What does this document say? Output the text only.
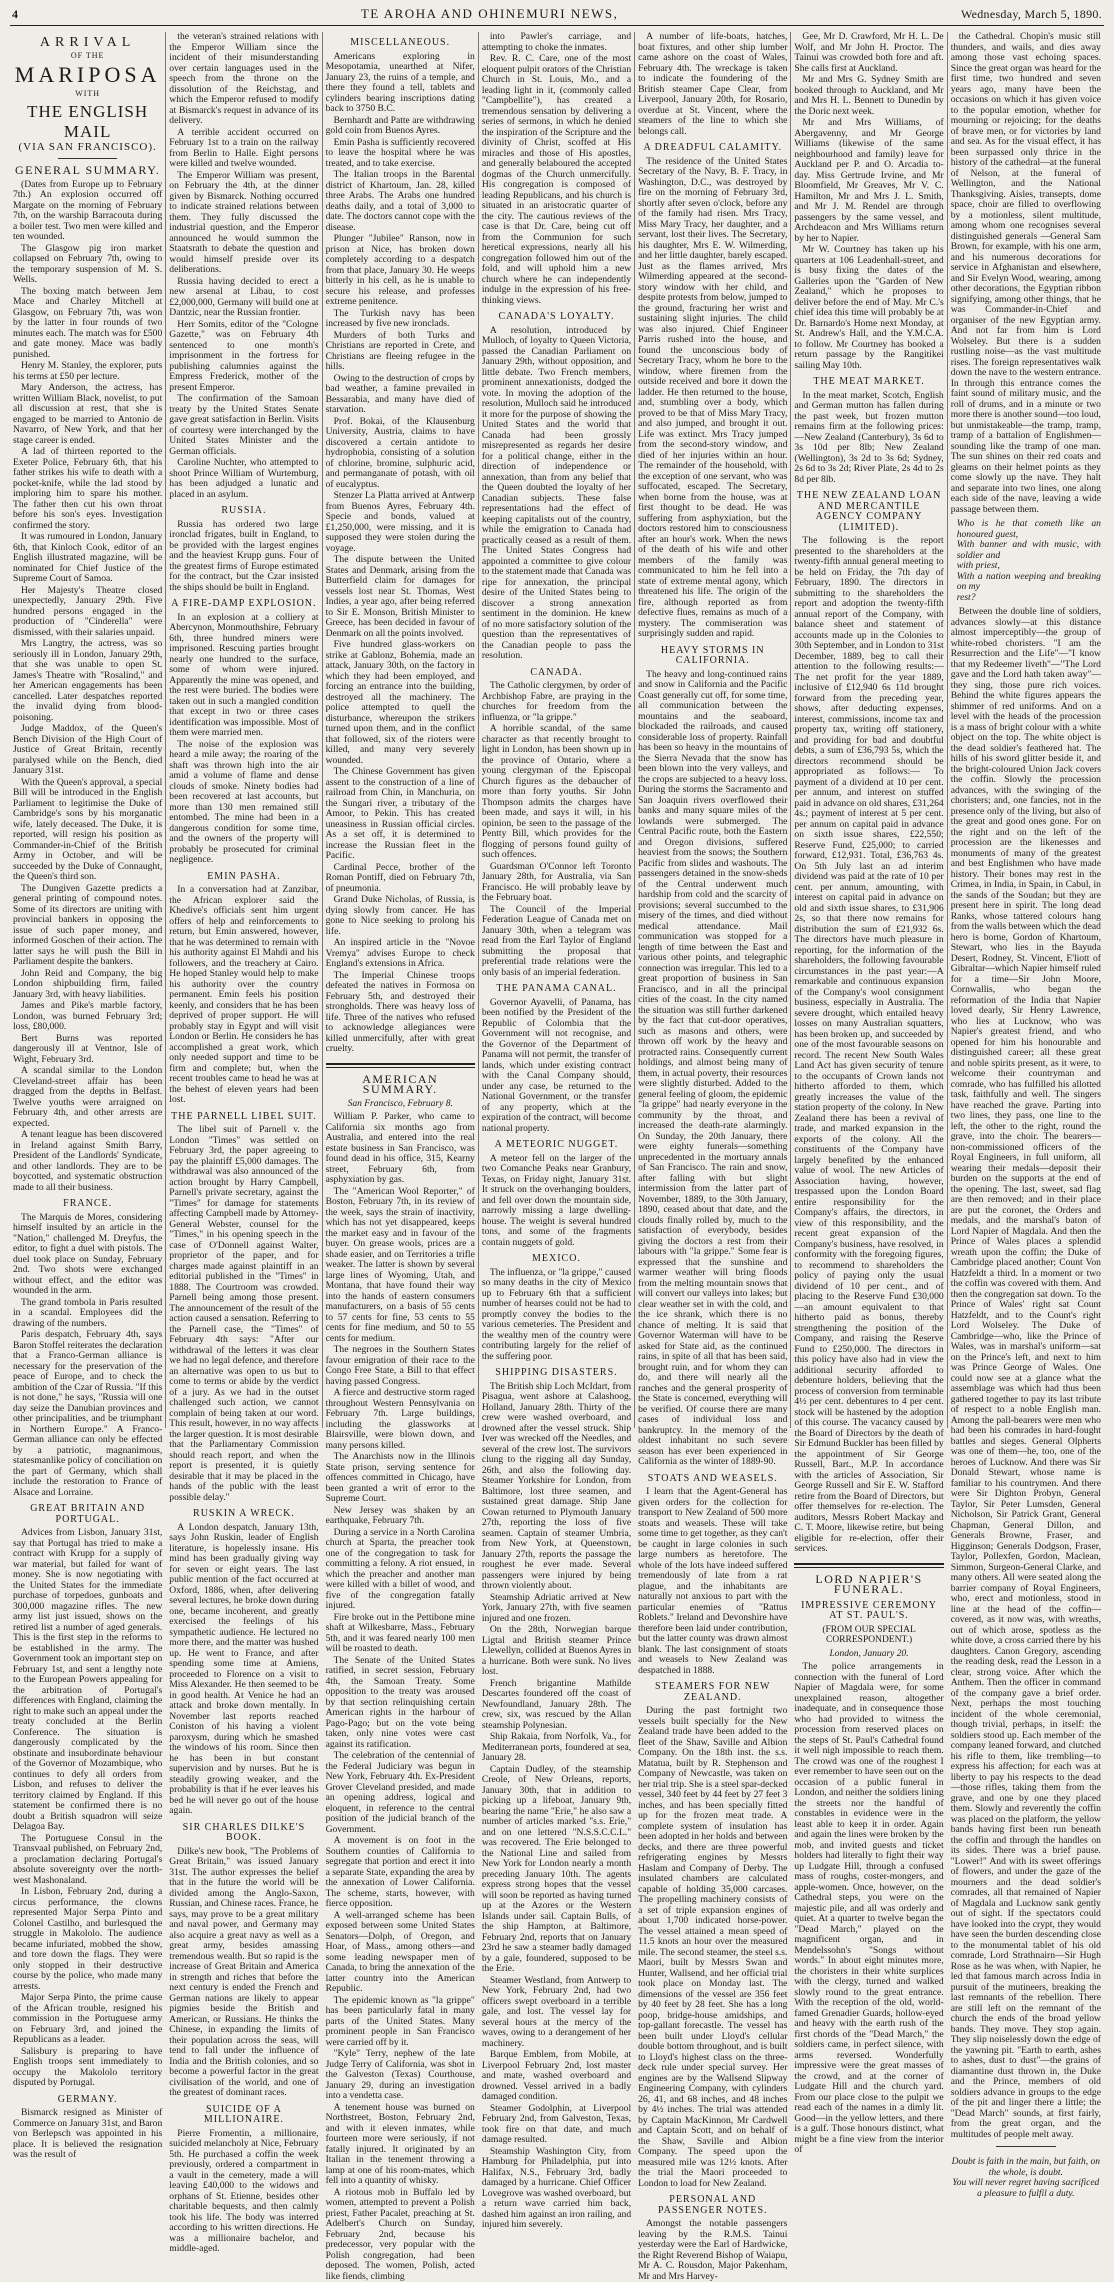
4	TE AROHA AND OHINEMURI NEWS,	Wednesday, March 5, 1890.
ARRIVAL
OF THE
MARIPOSA
WITH
THE ENGLISH MAIL
(VIA SAN FRANCISCO).
GENERAL SUMMARY.

(Dates from Europe up to February 7th.) An explosion occurred off Margate on the morning of February 7th, on the warship Barracouta during a boiler test. Two men were killed and ten wounded.

The Glasgow pig iron market collapsed on February 7th, owing to the temporary suspension of M. S. Wells.

The boxing match between Jem Mace and Charley Mitchell at Glasgow, on February 7th, was won by the latter in four rounds of two minutes each. The match was for £500 and gate money. Mace was badly punished.

Henry M. Stanley, the explorer, puts his terms at £50 per lecture.

Mary Anderson, the actress, has written William Black, novelist, to put all discussion at rest, that she is engaged to be married to Antonio de Navarro, of New York, and that her stage career is ended.

A lad of thirteen reported to the Exeter Police, February 6th, that his father strikes his wife to death with a pocket-knife, while the lad stood by imploring him to spare his mother. The father then cut his own throat before his son's eyes. Investigation confirmed the story.

It was rumoured in London, January 6th, that Kinloch Cook, editor of an English illustrated magazine, will be nominated for Chief Justice of the Supreme Court of Samoa.

Her Majesty's Theatre closed unexpectedly, January 29th. Five hundred persons engaged in the production of "Cinderella" were dismissed, with their salaries unpaid.

Mrs Langtry, the actress, was so seriously ill in London, January 29th, that she was unable to open St. James's Theatre with "Rosalind," and her American engagements has been cancelled. Later despatches reported the invalid dying from blood-poisoning.

Judge Maddox, of the Queen's Bench Division of the High Court of Justice of Great Britain, recently paralysed while on the Bench, died January 31st.

With the Queen's approval, a special Bill will be introduced in the English Parliament to legitimise the Duke of Cambridge's sons by his morganatic wife, lately deceased. The Duke, it is reported, will resign his position as Commander-in-Chief of the British Army in October, and will be succeeded by the Duke of Connaught, the Queen's third son.

The Dungiven Gazette predicts a general printing of compound notes. Some of its directors are uniting with provincial bankers in opposing the issue of such paper money, and informed Goschen of their action. The latter says he will push the Bill in Parliament despite the bankers.

John Reid and Company, the big London shipbuilding firm, failed January 3rd, with heavy liabilities.

James and Pike's marble factory, London, was burned February 3rd; loss, £80,000.

Bert Burns was reported dangerously ill at Ventnor, Isle of Wight, February 3rd.

A scandal similar to the London Cleveland-street affair has been dragged from the depths in Belfast. Twelve youths were arraigned on February 4th, and other arrests are expected.

A tenant league has been discovered in Ireland against Smith Barry, President of the Landlords' Syndicate, and other landlords. They are to be boycotted, and systematic obstruction made to all their business.

FRANCE.

The Marquis de Mores, considering himself insulted by an article in the "Nation," challenged M. Dreyfus, the editor, to fight a duel with pistols. The duel took place on Sunday, February 2nd. Two shots were exchanged without effect, and the editor was wounded in the arm.

The grand tombola in Paris resulted in a scandal. Employees did the drawing of the numbers.

Paris despatch, February 4th, says Baron Stoffel reiterates the declaration that a Franco-German alliance is necessary for the preservation of the peace of Europe, and to check the ambition of the Czar of Russia. "If this is not done," he says, "Russia will one day seize the Danubian provinces and other principalities, and be triumphant in Northern Europe." A Franco-German alliance can only be effected by a patriotic, magnanimous, statesmanlike policy of conciliation on the part of Germany, which shall include the restoration to France of Alsace and Lorraine.

GREAT BRITAIN AND PORTUGAL.

Advices from Lisbon, January 31st, say that Portugal has tried to make a contract with Krupp for a supply of war material, but failed for want of money. She is now negotiating with the United States for the immediate purchase of torpedoes, gunboats and 300,000 magazine rifles. The new army list just issued, shows on the retired list a number of aged generals. This is the first step in the reforms to be established in the army. The Government took an important step on February 1st, and sent a lengthy note to the European Powers appealing for the arbitration of Portugal's differences with England, claiming the right to make such an appeal under the treaty concluded at the Berlin Conference. The situation is dangerously complicated by the obstinate and insubordinate behaviour of the Governor of Mozambique, who continues to defy all orders from Lisbon, and refuses to deliver the territory claimed by England. If this statement be confirmed there is no doubt a British squadron will seize Delagoa Bay.

The Portuguese Consul in the Transvaal published, on February 2nd, a proclamation declaring Portugal's absolute sovereignty over the north-west Mashonaland.

In Lisbon, February 2nd, during a circus performance, the clowns represented Major Serpa Pinto and Colonel Castilho, and burlesqued the struggle in Makololo. The audience became infuriated, mobbed the show, and tore down the flags. They were only stopped in their destructive course by the police, who made many arrests.

Major Serpa Pinto, the prime cause of the African trouble, resigned his commission in the Portuguese army on February 3rd, and joined the Republicans as a leader.

Salisbury is preparing to have English troops sent immediately to occupy the Makololo territory disputed by Portugal.

GERMANY.

Bismarck resigned as Minister of Commerce on January 31st, and Baron von Berlepsch was appointed in his place. It is believed the resignation was the result of

the veteran's strained relations with the Emperor William since the incident of their misunderstanding over certain languages used in the speech from the throne on the dissolution of the Reichstag, and which the Emperor refused to modify at Bismarck's request in advance of its delivery.

A terrible accident occurred on February 1st to a train on the railway from Berlin to Halle. Eight persons were killed and twelve wounded.

The Emperor William was present, on February the 4th, at the dinner given by Bismarck. Nothing occurred to indicate strained relations between them. They fully discussed the industrial question, and the Emperor announced he would summon the Staatsrath to debate the question and would himself preside over its deliberations.

Russia having decided to erect a new arsenal at Libau, to cost £2,000,000, Germany will build one at Dantzic, near the Russian frontier.

Herr Somits, editor of the "Cologne Gazette," was on February 4th sentenced to one month's imprisonment in the fortress for publishing calumnies against the Empress Frederick, mother of the present Emperor.

The confirmation of the Samoan treaty by the United States Senate gave great satisfaction in Berlin. Visits of courtesy were interchanged by the United States Minister and the German officials.

Caroline Nuchter, who attempted to shoot Prince William of Wurtemburg, has been adjudged a lunatic and placed in an asylum.

RUSSIA.

Russia has ordered two large ironclad frigates, built in England, to be provided with the largest engines and the heaviest Krupp guns. Four of the greatest firms of Europe estimated for the contract, but the Czar insisted the ships should be built in England.

A FIRE-DAMP EXPLOSION.

In an explosion at a colliery at Abercynon, Monmouthshire, February 6th, three hundred miners were imprisoned. Rescuing parties brought nearly one hundred to the surface, some of whom were injured. Apparently the mine was opened, and the rest were buried. The bodies were taken out in such a mangled condition that except in two or three cases identification was impossible. Most of them were married men.

The noise of the explosion was heard a mile away; the roaring of the shaft was thrown high into the air amid a volume of flame and dense clouds of smoke. Ninety bodies had been recovered at last accounts, but more than 130 men remained still entombed. The mine had been in a dangerous condition for some time, and the owners of the property will probably be prosecuted for criminal negligence.

EMIN PASHA.

In a conversation had at Zanzibar, the African explorer said the Khedive's officials sent him urgent offers of help and reinforcements to return, but Emin answered, however, that he was determined to remain with his authority against El Mahdi and his followers, and the treachery at Cairo. He hoped Stanley would help to make his authority over the country permanent. Emin feels his position keenly, and considers that he has been deprived of proper support. He will probably stay in Egypt and will visit London or Berlin. He considers he has accomplished a great work, which only needed support and time to be firm and complete; but, when the recent troubles came to head he was at the behest of eleven years had been lost.

THE PARNELL LIBEL SUIT.

The libel suit of Parnell v. the London "Times" was settled on February 3rd, the paper agreeing to pay the plaintiff £5,000 damages. The withdrawal was also announced of the action brought by Harry Campbell, Parnell's private secretary, against the "Times" for damage for statements affecting Campbell made by Attorney-General Webster, counsel for the "Times," in his opening speech in the case of O'Donnell against Walter, proprietor of the paper, and for charges made against plaintiff in an editorial published in the "Times" in 1888. The Courtroom was crowded. Parnell being among those present. The announcement of the result of the action caused a sensation. Referring to the Parnell case, the "Times" of February 4th says: "After our withdrawal of the letters it was clear we had no legal defence, and therefore an alternative was open to us but to come to terms or abide by the verdict of a jury. As we had in the outset challenged such action, we cannot complain of being taken at our word. This result, however, in no way affects the larger question. It is most desirable that the Parliamentary Commission should reach report, and when the report is presented, it is quietly desirable that it may be placed in the hands of the public with the least possible delay."

RUSKIN A WRECK.

A London despatch, January 13th, says John Ruskin, leader of English literature, is hopelessly insane. His mind has been gradually giving way for seven or eight years. The last public mention of the fact occurred at Oxford, 1886, when, after delivering several lectures, he broke down during one, became incoherent, and greatly exercised the feelings of his sympathetic audience. He lectured no more there, and the matter was hushed up. He went to France, and after spending some time at Amiens, proceeded to Florence on a visit to Miss Alexander. He then seemed to be in good health. At Venice he had an attack and broke down mentally. In November last reports reached Coniston of his having a violent paroxysm, during which he smashed the windows of his room. Since then he has been in but constant supervision and by nurses. But he is steadily growing weaker, and the probability is that if he ever leaves his bed he will never go out of the house again.

SIR CHARLES DILKE'S BOOK.

Dilke's new book, "The Problems of Great Britain," was issued January 31st. The author expresses the belief that in the future the world will be divided among the Anglo-Saxon, Russian, and Chinese races. France, he says, may prove to be a great military and naval power, and Germany may also acquire a great navy as well as a great army, besides amassing tremendous wealth. But so rapid is the increase of Great Britain and America in strength and riches that before the next century is ended the French and German nations are likely to appear pigmies beside the British and American, or Russians. He thinks the Chinese, in expanding the limits of their population across the seas, will tend to fall under the influence of India and the British colonies, and so become a powerful factor in the great civilisation of the world, and one of the greatest of dominant races.

SUICIDE OF A MILLIONAIRE.

Pierre Fromentin, a millionaire, suicided melancholy at Nice, February 5th. He purchased a coffin the week previously, ordered a compartment in a vault in the cemetery, made a will leaving £40,000 to the widows and orphans of St. Etienne, besides other charitable bequests, and then calmly took his life. The body was interred according to his written directions. He was a millionaire bachelor, and middle-aged.

MISCELLANEOUS.

Americans exploring in Mesopotamia, unearthed at Nifer, January 23, the ruins of a temple, and there they found a tell, tablets and cylinders bearing inscriptions dating back to 3750 B.C.

Bernhardt and Patte are withdrawing gold coin from Buenos Ayres.

Emin Pasha is sufficiently recovered to leave the hospital where he was treated, and to take exercise.

The Italian troops in the Barental district of Khartoum, Jan. 28, killed three Arabs. The Arabs one hundred deaths daily, and a total of 3,000 to date. The doctors cannot cope with the disease.

Plunger "Jubilee" Ranson, now in prison at Nice, has broken down completely according to a despatch from that place, January 30. He weeps bitterly in his cell, as he is unable to secure his release, and professes extreme penitence.

The Turkish navy has been increased by five new ironclads.

Murders of both Turks and Christians are reported in Crete, and Christians are fleeing refugee in the hills.

Owing to the destruction of crops by bad weather, a famine prevailed in Bessarabia, and many have died of starvation.

Prof. Bokai, of the Klausenburg University, Austria, claims to have discovered a certain antidote to hydrophobia, consisting of a solution of chlorine, bromine, sulphuric acid, and permanganate of potash, with oil of eucalyptus.

Stenzer La Platta arrived at Antwerp from Buenos Ayres, February 4th. Specie and bonds, valued at £1,250,000, were missing, and it is supposed they were stolen during the voyage.

The dispute between the United States and Denmark, arising from the Butterfield claim for damages for vessels lost near St. Thomas, West Indies, a year ago, after being referred to Sir E. Monson, British Minister to Greece, has been decided in favour of Denmark on all the points involved.

Five hundred glass-workers on strike at Gablonz, Bohemia, made an attack, January 30th, on the factory in which they had been employed, and forcing an entrance into the building, destroyed all the machinery. The police attempted to quell the disturbance, whereupon the strikers turned upon them, and in the conflict that followed, six of the rioters were killed, and many very severely wounded.

The Chinese Government has given assent to the construction of a line of railroad from Chin, in Manchuria, on the Sungari river, a tributary of the Amoor, to Pekin. This has created uneasiness in Russian official circles. As a set off, it is determined to increase the Russian fleet in the Pacific.

Cardinal Pecce, brother of the Roman Pontiff, died on February 7th, of pneumonia.

Grand Duke Nicholas, of Russia, is dying slowly from cancer. He has gone to Nice seeking to prolong his life.

An inspired article in the "Novoe Vremya" advises Europe to check England's extensions in Africa.

The Imperial Chinese troops defeated the natives in Formosa on February 5th, and destroyed their strongholds. There was heavy loss of life. Three of the natives who refused to acknowledge allegiances were killed unmercifully, after with great cruelty.

AMERICAN SUMMARY.
San Francisco, February 8.

William P. Parker, who came to California six months ago from Australia, and entered into the real estate business in San Francisco, was found dead in his office, 315, Kearny street, February 6th, from asphyxiation by gas.

The "American Wool Reporter," of Boston, February 7th, in its review of the week, says the strain of inactivity, which has not yet disappeared, keeps the market easy and in favour of the buyer. On grease wools, prices are a shade easier, and on Territories a trifle weaker. The latter is shown by several large lines of Wyoming, Utah, and Montana, that have found their way into the hands of eastern consumers manufacturers, on a basis of 55 cents to 57 cents for fine, 53 cents to 55 cents for fine medium, and 50 to 55 cents for medium.

The negroes in the Southern States favour emigration of their race to the Congo Free State, a Bill to that effect having passed Congress.

A fierce and destructive storm raged throughout Western Pennsylvania on February 7th. Large buildings, including the glassworks at Blairsville, were blown down, and many persons killed.

The Anarchists now in the Illinois State prison, serving sentence for offences committed in Chicago, have been granted a writ of error to the Supreme Court.

New Jersey was shaken by an earthquake, February 7th.

During a service in a North Carolina church at Sparta, the preacher took one of the congregation to task for committing a felony. A riot ensued, in which the preacher and another man were killed with a billet of wood, and five of the congregation fatally injured.

Fire broke out in the Pettibone mine shaft at Wilkesbarre, Mass., February 5th, and it was feared nearly 100 men will be roasted to death.

The Senate of the United States ratified, in secret session, February 4th, the Samoan Treaty. Some opposition to the treaty was aroused by that section relinquishing certain American rights in the harbour of Pago-Pago; but on the vote being taken, only nine votes were cast against its ratification.

The celebration of the centennial of the Federal Judiciary was begun in New York, February 4th. Ex-President Grover Cleveland presided, and made an opening address, logical and eloquent, in reference to the central position of the judicial branch of the Government.

A movement is on foot in the Southern counties of California to segregate that portion and erect it into a separate State, expanding the area by the annexation of Lower California. The scheme, starts, however, with fierce opposition.

A well-arranged scheme has been exposed between some United States Senators—Dolph, of Oregon, and Hoar, of Mass., among others—and some leading newspaper men of Canada, to bring the annexation of the latter country into the American Republic.

The epidemic known as "la grippe" has been particularly fatal in many parts of the United States. Many prominent people in San Francisco were carried off by it.

"Kyle" Terry, nephew of the late Judge Terry of California, was shot in the Galveston (Texas) Courthouse, January 29, during an investigation into a vendetta case.

A tenement house was burned on Northstreet, Boston, February 2nd, and with it eleven inmates, while fourteen more were seriously, if not fatally injured. It originated by an Italian in the tenement throwing a lamp at one of his room-mates, which fell into a quantity of whisky.

A riotous mob in Buffalo led by women, attempted to prevent a Polish priest, Father Pacalet, preaching at St. Adelbert's Church on Sunday, February 2nd, because his predecessor, very popular with the Polish congregation, had been deposed. The women, Polish, acted like fiends, climbing

into Pawler's carriage, and attempting to choke the inmates.

Rev. R. C. Care, one of the most eloquent pulpit orators of the Christian Church in St. Louis, Mo., and a leading light in it, (commonly called "Campbellite"), has created a tremendous sensation by delivering a series of sermons, in which he denied the inspiration of the Scripture and the divinity of Christ, scoffed at His miracles and those of His apostles, and generally belaboured the accepted dogmas of the Church unmercifully. His congregation is composed of leading Republicans, and his church is situated in an aristocratic quarter of the city. The cautious reviews of the case is that Dr. Care, being cut off from the Communion for such heretical expressions, nearly all his congregation followed him out of the fold, and will uphold him a new church where he can independently indulge in the expression of his free-thinking views.

CANADA'S LOYALTY.

A resolution, introduced by Mulloch, of loyalty to Queen Victoria, passed the Canadian Parliament on January 29th, without opposition, and little debate. Two French members, prominent annexationists, dodged the vote. In moving the adoption of the resolution, Mulloch said he introduced it more for the purpose of showing the United States and the world that Canada had been grossly misrepresented as regards her desire for a political change, either in the direction of independence or annexation, than from any belief that the Queen doubted the loyalty of her Canadian subjects. These false representations had the effect of keeping capitalists out of the country, while the emigration to Canada had practically ceased as a result of them. The United States Congress had appointed a committee to give colour to the statement made that Canada was ripe for annexation, the principal desire of the United States being to discover a strong annexation sentiment in the dominion. He knew of no more satisfactory solution of the question than the representatives of the Canadian people to pass the resolution.

CANADA.

The Catholic clergymen, by order of Archbishop Fabre, are praying in the churches for freedom from the influenza, or "la grippe."

A horrible scandal, of the same character as that recently brought to light in London, has been shown up in the province of Ontario, where a young clergyman of the Episcopal Church figures as the debaucher of more than forty youths. Sir John Thompson admits the charges have been made, and says it will, in his opinion, be seen to the passage of the Pentty Bill, which provides for the flogging of persons found guilty of such offences.

Guardsman O'Connor left Toronto January 28th, for Australia, via San Francisco. He will probably leave by the February boat.

The Council of the Imperial Federation League of Canada met on January 30th, when a telegram was read from the Earl Taylor of England submitting the proposal that preferential trade relations were the only basis of an imperial federation.

THE PANAMA CANAL.

Governor Ayavelli, of Panama, has been notified by the President of the Republic of Colombia that the Government will not recognise, and the Governor of the Department of Panama will not permit, the transfer of lands, which under existing contract with the Canal Company should, under any case, be returned to the National Government, or the transfer of any property, which at the expiration of the contract, will become national property.

A METEORIC NUGGET.

A meteor fell on the larger of the two Comanche Peaks near Granbury, Texas, on Friday night, January 31st. It struck on the overhanging boulders, and fell over down the mountain side, narrowly missing a large dwelling-house. The weight is several hundred tons, and some of the fragments contain nuggets of gold.

MEXICO.

The influenza, or "la grippe," caused so many deaths in the city of Mexico up to February 6th that a sufficient number of hearses could not be had to promptly convey the bodies to the various cemeteries. The President and the wealthy men of the country were contributing largely for the relief of the suffering poor.

SHIPPING DISASTERS.

The British ship Loch McIdart, from Pisagua, went ashore at Calashoog, Holland, January 28th. Thirty of the crew were washed overboard, and drowned after the vessel struck. Ship Iver was wrecked off the Needles, and several of the crew lost. The survivors clung to the rigging all day Sunday, 26th, and also the following day. Steamer Yorkshire for London, from Baltimore, lost three seamen, and sustained great damage. Ship Jane Cowan returned to Plymouth January 27th, reporting the loss of five seamen. Captain of steamer Umbria, from New York, at Queenstown, January 27th, reports the passage the roughest he ever made. Several passengers were injured by being thrown violently about.

Steamship Adriatic arrived at New York, January 27th, with five seamen injured and one frozen.

On the 28th, Norwegian barque Ligtal and British steamer Prince Llewellyn, collided at Buenos Ayres in a hurricane. Both were sunk. No lives lost.

French brigantine Mathilde Descartes foundered off the coast of Newfoundland, January 28th. The crew, six, was rescued by the Allan steamship Polynesian.

Ship Rakaia, from Norfolk, Va., for Mediterranean ports, foundered at sea, January 28.

Captain Dudley, of the steamship Creole, of New Orleans, reports, January 30th, that in addition to picking up a lifeboat, January 9th, bearing the name "Erie," he also saw a number of articles marked "s.s. Erie," and on one lettered "N.S.S.C.C.L." was recovered. The Erie belonged to the National Line and sailed from New York for London nearly a month preceding January 10th. The agents express strong hopes that the vessel will soon be reported as having turned up at the Azores or the Western Islands under sail. Captain Bulls, of the ship Hampton, at Baltimore, February 2nd, reports that on January 23rd he saw a steamer badly damaged by a gale, foundered, supposed to be the Erie.

Steamer Westland, from Antwerp to New York, February 2nd, had two officers swept overboard in a terrible gale, and lost. The vessel lay for several hours at the mercy of the waves, owing to a derangement of her machinery.

Barque Emblem, from Mobile, at Liverpool February 2nd, lost master and mate, washed overboard and drowned. Vessel arrived in a badly damaged condition.

Steamer Godolphin, at Liverpool February 2nd, from Galveston, Texas, took fire on that date, and much damage resulted.

Steamship Washington City, from Hamburg for Philadelphia, put into Halifax, N.S., February 3rd, badly damaged by a hurricane. Chief Officer Lovegrove was washed overboard, but a return wave carried him back, dashed him against an iron railing, and injured him severely.

A number of life-boats, hatches, boat fixtures, and other ship lumber came ashore on the coast of Wales, February 4th. The wreckage is taken to indicate the foundering of the British steamer Cape Clear, from Liverpool, January 20th, for Rosario, overdue at St. Vincent, where the steamers of the line to which she belongs call.

A DREADFUL CALAMITY.

The residence of the United States Secretary of the Navy, B. F. Tracy, in Washington, D.C., was destroyed by fire on the morning of February 3rd, shortly after seven o'clock, before any of the family had risen. Mrs Tracy, Miss Mary Tracy, her daughter, and a servant, lost their lives. The Secretary, his daughter, Mrs E. W. Wilmerding, and her little daughter, barely escaped. Just as the flames arrived, Mrs Wilmerding appeared at the second-story window with her child, and despite protests from below, jumped to the ground, fracturing her wrist and sustaining slight injuries. The child was also injured. Chief Engineer Parris rushed into the house, and found the unconscious body of Secretary Tracy, whom he bore to the window, where firemen from the outside received and bore it down the ladder. He then returned to the house, and, stumbling over a body, which proved to be that of Miss Mary Tracy, and also jumped, and brought it out. Life was extinct. Mrs Tracy jumped from the second-story window, and died of her injuries within an hour. The remainder of the household, with the exception of one servant, who was suffocated, escaped. The Secretary, when borne from the house, was at first thought to be dead. He was suffering from asphyxiation, but the doctors restored him to consciousness after an hour's work. When the news of the death of his wife and other members of the family was communicated to him he fell into a state of extreme mental agony, which threatened his life. The origin of the fire, although reported as from defective flues, remains as much of a mystery. The commiseration was surprisingly sudden and rapid.

HEAVY STORMS IN CALIFORNIA.

The heavy and long-continued rains and snow in California and the Pacific Coast generally cut off, for some time, all communication between the mountains and the seaboard, blockaded the railroads, and caused considerable loss of property. Rainfall has been so heavy in the mountains of the Sierra Nevada that the snow has been blown into the very valleys, and the crops are subjected to a heavy loss. During the storms the Sacramento and San Joaquin rivers overflowed their banks and many square miles of the lowlands were submerged. The Central Pacific route, both the Eastern and Oregon divisions, suffered heaviest from the snows; the Southern Pacific from slides and washouts. The passengers detained in the snow-sheds of the Central underwent much hardship from cold and the scarcity of provisions; several succumbed to the misery of the times, and died without medical attendance. Mail communication was stopped for a length of time between the East and various other points, and telegraphic connection was irregular. This led to a great proportion of business in San Francisco, and in all the principal cities of the coast. In the city named the situation was still further darkened by the fact that cut-door operatives, such as masons and others, were thrown off work by the heavy and protracted rains. Consequently current holdings, and almost being many of them, in actual poverty, their resources were slightly disturbed. Added to the general feeling of gloom, the epidemic "la grippe" had nearly everyone in the community by the throat, and increased the death-rate alarmingly. On Sunday, the 20th January, there were eighty funerals—something unprecedented in the mortuary annals of San Francisco. The rain and snow, after falling with but slight intermission from the latter part of November, 1889, to the 30th January, 1890, ceased about that date, and the clouds finally rolled by, much to the satisfaction of everybody, besides giving the doctors a rest from their labours with "la grippe." Some fear is expressed that the sunshine and warmer weather will bring floods from the melting mountain snows that will convert our valleys into lakes; but clear weather set in with the cold, and the ice shrank, which there is no chance of melting. It is said that Governor Waterman will have to be asked for State aid, as the continued rains, in spite of all that has been said, brought ruin, and for whom they can do, and there will nearly all the ranches and the general prosperity of the State is concerned, everything will be verified. Of course there are many cases of individual loss and bankruptcy. In the memory of the oldest inhabitant no such severe season has ever been experienced in California as the winter of 1889-90.

STOATS AND WEASELS.

I learn that the Agent-General has given orders for the collection for transport to New Zealand of 500 more stoats and weasels. These will take some time to get together, as they can't be caught in large colonies in such large numbers as heretofore. The whole of the lots have indeed suffered tremendously of late from a rat plague, and the inhabitants are naturally not anxious to part with the particular enemies of "Rattus Roblets." Ireland and Devonshire have therefore been laid under contribution, but the latter county was drawn almost blank. The last consignment of stoats and weasels to New Zealand was despatched in 1888.

STEAMERS FOR NEW ZEALAND.

During the past fortnight two vessels built specially for the New Zealand trade have been added to the fleet of the Shaw, Saville and Albion Company. On the 18th inst. the s.s. Matatua, built by R. Stephenson and Company of Newcastle, was taken on her trial trip. She is a steel spar-decked vessel, 340 feet by 44 feet by 27 feet 3 inches, and has been specially fitted up for the frozen meat trade. A complete system of insulation has been adopted in her holds and between decks, and there are three powerful refrigerating engines by Messrs Haslam and Company of Derby. The insulated chambers are calculated capable of holding 35,000 carcases. The propelling machinery consists of a set of triple expansion engines of about 1,700 indicated horse-power. The vessel attained a mean speed of 11.5 knots an hour over the measured mile. The second steamer, the steel s.s. Maori, built by Messrs Swan and Hunter, Wallsend, and her official trial took place on Monday last. The dimensions of the vessel are 356 feet by 40 feet by 28 feet. She has a long poop, bridge-house amidships, and top-gallant forecastle. The vessel has been built under Lloyd's cellular double bottom throughout, and is built to Lloyd's highest class on the three-deck rule under special survey. Her engines are by the Wallsend Slipway Engineering Company, with cylinders 26, 41, and 68 inches, and 48 inches by 4½ inches. The trial was attended by Captain MacKinnon, Mr Cardwell and Captain Scott, and on behalf of the Shaw, Saville and Albion Company. The speed upon the measured mile was 12½ knots. After the trial the Maori proceeded to London to load for New Zealand.

PERSONAL AND PASSENGER NOTES.

Amongst the notable passengers leaving by the R.M.S. Tainui yesterday were the Earl of Hardwicke, the Right Reverend Bishop of Waiapu, Mr A. C. Rousdon, Major Pakenham, Mr and Mrs Harvey-

Gee, Mr D. Crawford, Mr H. L. De Wolf, and Mr John H. Proctor. The Tainui was crowded both fore and aft. She calls first at Auckland.

Mr and Mrs G. Sydney Smith are booked through to Auckland, and Mr and Mrs H. L. Bennett to Dunedin by the Doric next week.

Mr and Mrs Williams, of Abergavenny, and Mr George Williams (likewise of the same neighbourhood and family) leave for Auckland per P. and O. Arcadia to-day. Miss Gertrude Irvine, and Mr Bloomfield, Mr Greaves, Mr V. C. Hamilton, Mr and Mrs J. L. Smith, and Mr J. M. Rendel are through passengers by the same vessel, and Archdeacon and Mrs Williams return by her to Napier.

Mr W. Courtney has taken up his quarters at 106 Leadenhall-street, and is busy fixing the dates of the Galleries upon the "Garden of New Zealand," which he proposes to deliver before the end of May. Mr C.'s chief idea this time will probably be at Dr. Barnardo's Home next Monday, at St. Andrew's Hall, and the Y.M.C.A. to follow. Mr Courtney has booked a return passage by the Rangitikei sailing May 10th.

THE MEAT MARKET.

In the meat market, Scotch, English and German mutton has fallen during the past week, but frozen mutton remains firm at the following prices:—New Zealand (Canterbury), 3s 6d to 3s 10d per 8lb; New Zealand (Wellington), 3s 2d to 3s 6d; Sydney, 2s 6d to 3s 2d; River Plate, 2s 4d to 2s 8d per 8lb.

THE NEW ZEALAND LOAN AND MERCANTILE AGENCY COMPANY (LIMITED).

The following is the report presented to the shareholders at the twenty-fifth annual general meeting to be held on Friday, the 7th day of February, 1890. The directors in submitting to the shareholders the report and adoption the twenty-fifth annual report of the Company, with balance sheet and statement of accounts made up in the Colonies to 30th September, and in London to 31st December, 1889, beg to call their attention to the following results:— The net profit for the year 1889, inclusive of £12,940 6s 11d brought forward from the preceding year, shows, after deducting expenses, interest, commissions, income tax and property tax, writing off stationery, and providing for bad and doubtful debts, a sum of £36,793 5s, which the directors recommend should be appropriated as follows:— To payment of a dividend at 10 per cent. per annum, and interest on stuffed paid in advance on old shares, £31,264 4s.; payment of interest at 5 per cent. per annum on capital paid in advance on sixth issue shares, £22,550; Reserve Fund, £25,000; to carried forward, £12,931. Total, £36,763 4s. On 5th July last an ad interim dividend was paid at the rate of 10 per cent. per annum, amounting, with interest on capital paid in advance on old and sixth issue shares, to £31,906 2s, so that there now remains for distribution the sum of £21,932 6s. The directors have much pleasure in reporting, for the information of the shareholders, the following favourable circumstances in the past year:—A remarkable and continuous expansion of the Company's wool consignment business, especially in Australia. The severe drought, which entailed heavy losses on many Australian squatters, has been broken up, and succeeded by one of the most favourable seasons on record. The recent New South Wales Land Act has given security of tenure to the occupants of Crown lands not hitherto afforded to them, which greatly increases the value of the station property of the colony. In New Zealand there has been a revival of trade, and marked expansion in the exports of the colony. All the constituents of the Company have largely benefited by the enhanced value of wool. The new Articles of Association having, however, trespassed upon the London Board entire responsibility for the Company's affairs, the directors, in view of this responsibility, and the recent great expansion of the Company's business, have resolved, in conformity with the foregoing figures, to recommend to shareholders the policy of paying only the usual dividend of 10 per cent., and of placing to the Reserve Fund £30,000—an amount equivalent to that hitherto paid as bonus, thereby strengthening the position of the Company, and raising the Reserve Fund to £250,000. The directors in this policy have also had in view the additional security afforded to debenture holders, believing that the process of conversion from terminable 4½ per cent. debentures to 4 per cent. stock will be hastened by the adoption of this course. The vacancy caused by the Board of Directors by the death of Sir Edmund Buckler has been filled by the appointment of Sir George Russell, Bart., M.P. In accordance with the articles of Association, Sir George Russell and Sir E. W. Stafford retire from the Board of Directors, but offer themselves for re-election. The auditors, Messrs Robert Mackay and C. T. Moore, likewise retire, but being eligible for re-election, offer their services.

LORD NAPIER'S FUNERAL.
IMPRESSIVE CEREMONY AT ST. PAUL'S.
(FROM OUR SPECIAL CORRESPONDENT.)
London, January 20.

The police arrangements in connection with the funeral of Lord Napier of Magdala were, for some unexplained reason, altogether inadequate, and in consequence those who had provided to witness the procession from reserved places on the steps of St. Paul's Cathedral found it well nigh impossible to reach them. The crowd was one of the roughest I ever remember to have seen out on the occasion of a public funeral in London, and neither the soldiers lining the streets nor the handful of constables in evidence were in the least able to keep it in order. Again and again the lines were broken by the mob, and invited guests and ticket holders had literally to fight their way up Ludgate Hill, through a confused mass of roughs, coster-mongers, and apple-women. Once, however, on the Cathedral steps, you were on the majestic pile, and all was orderly and quiet. At a quarter to twelve began the "Dead March," played on the magnificent organ, and in Mendelssohn's "Songs without words." In about eight minutes more, the choristers in their white surplices with the clergy, turned and walked slowly round to the great entrance. With the reception of the old, world-famed Grenadier Guards, hollow-eyed and heavy with the earth rush of the first chords of the "Dead March," the soldiers came, in perfect silence, with arms reversed. Wonderfully impressive were the great masses of the crowd, and at the corner of Ludgate Hill and the church yard. From our place close to the pulpit we read each of the names in a dimly lit. Good—in the yellow letters, and there is a gulf. Those honours distinct, what might be a fine view from the interior of

the Cathedral. Chopin's music still thunders, and wails, and dies away among those vast echoing spaces. Since the great organ was heard for the first time, two hundred and seven years ago, many have been the occasions on which it has given voice to the popular emotion, whether for mourning or rejoicing; for the deaths of brave men, or for victories by land and sea. As for the visual effect, it has been surpassed only thrice in the history of the cathedral—at the funeral of Nelson, at the funeral of Wellington, and the National Thanksgiving. Aisles, transepts, dome space, choir are filled to overflowing by a motionless, silent multitude, among whom one recognises several distinguished generals —General Sam Brown, for example, with his one arm, and his numerous decorations for service in Afghanistan and elsewhere, and Sir Evelyn Wood, wearing, among other decorations, the Egyptian ribbon signifying, among other things, that he was Commander-in-Chief and organiser of the new Egyptian army. And not far from him is Lord Wolseley. But there is a sudden rustling noise—as the vast multitude rises. The foreign representatives walk down the nave to the western entrance. In through this entrance comes the faint sound of military music, and the roll of drums, and in a minute or two more there is another sound—too loud, but unmistakeable—the tramp, tramp, tramp of a battalion of Englishmen—sounding like the tramp of one man. The sun shines on their red coats and gleams on their helmet points as they come slowly up the nave. They halt and separate into two lines, one along each side of the nave, leaving a wide passage between them.

Who is he that cometh like an honoured guest,
With banner and with music, with soldier and
with priest,
With a nation weeping and breaking on my
rest?

Between the double line of soldiers, advances slowly—at this distance almost imperceptibly—the group of white-robed choristers. "I am the Resurrection and the Life"—"I know that my Redeemer liveth"—"The Lord gave and the Lord hath taken away"—they sing, those pure rich voices. Behind the white figures appears the shimmer of red uniforms. And on a level with the heads of the procession is a mass of bright colour with a white object on the top. The white object is the dead soldier's feathered hat. The hills of his sword glitter beside it, and the bright-coloured Union Jack covers the coffin. Slowly the procession advances, with the swinging of the choristers; and, one fancies, not in the presence only of the living, but also of the great and good ones gone. For on the right and on the left of the procession are the likenesses and monuments of many of the greatest and best Englishmen who have made history. Their bones may rest in the Crimea, in India, in Spain, in Cabul, in the sands of the Soudan; but they are present here in spirit. The long dead Ranks, whose tattered colours hang from the walls between which the dead hero is borne, Gordon of Khartoum, Stewart, who lies in the Bayuda Desert, Rodney, St. Vincent, E'liott of Gibraltar—which Napier himself ruled for a time—Sir John Moore, Cornwallis, who began the reformation of the India that Napier loved dearly, Sir Henry Lawrence, who lies at Lucknow, who was Napier's greatest friend, and who opened for him his honourable and distinguished career; all these great and noble spirits present, as it were, to welcome their countryman and comrade, who has fulfilled his allotted task, faithfully and well. The singers have reached the grave. Parting into two lines, they pass, one line to the left, the other to the right, round the grave, into the choir. The bearers—non-commissioned officers of the Royal Engineers, in full uniform, all wearing their medals—deposit their burden on the supports at the end of the opening. The last, sweet, sad flag are then removed; and in their place are put the coronet, the Orders and medals, and the marshal's baton of Lord Napier of Magdala. And then the Prince of Wales places a splendid wreath upon the coffin; the Duke of Cambridge placed another; Count Von Hatzfeldt a third. In a moment or two the coffin was covered with them. And then the congregation sat down. To the Prince of Wales' right sat Count Hatzfeldt, and to the Count's right Lord Wolseley. The Duke of Cambridge—who, like the Prince of Wales, was in marshal's uniform—sat on the Prince's left, and next to him was Prince George of Wales. One could now see at a glance what the assemblage was which had thus been gathered together to pay its last tribute of respect to a noble English man. Among the pall-bearers were men who had been his comrades in hard-fought battles and sieges. General Olpherts was one of them—he, too, one of the heroes of Lucknow. And there was Sir Donald Stewart, whose name is familiar to his countrymen. And there were Sir Dighton Probyn, General Taylor, Sir Peter Lumsden, General Nicholson, Sir Patrick Grant, General Chapman, General Dillon, and Generals Browne, Fraser, and Higginson; Generals Dodgson, Fraser, Taylor, Pollexfen, Gordon, Maclean, Simmon, Surgeon-General Clarke, and many others. All were seated along the barrier company of Royal Engineers, who, erect and motionless, stood in line at the head of the coffin—covered, as it now was, with wreaths, out of which arose, spotless as the white dove, a cross carried there by his daughters. Canon Gregory, ascending the reading desk, read the Lesson in a clear, strong voice. After which the Anthem. Then the officer in command of the company gave a brief order. Next, perhaps the most touching incident of the whole ceremonial, though trivial, perhaps, in itself: the soldiers stood up. Each member of the company leaned forward, and clutched his rifle to them, like trembling—to express his affection; for each was at liberty to pay his respects to the dead—those rifles, taking them from the grave, and one by one they placed them. Slowly and reverently the coffin was placed on the platform, the yellow bands having first been run beneath the coffin and through the handles on its sides. There was a brief pause. "Lower!" And with its sweet offerings of flowers, and under the gaze of the mourners and the dead soldier's comrades, all that remained of Napier of Magdala and Lucknow sank gently out of sight. If the spectators could have looked into the crypt, they would have seen the burden descending close to the monumental tablet of his old comrade, Lord Strathnairn—Sir Hugh Rose as he was when, with Napier, he led that famous march across India in pursuit of the mutineers, breaking the last remnants of the rebellion. There are still left on the remnant of the church the ends of the broad yellow bands. They move. They stop again. They slip noiselessly down the edge of the yawning pit. "Earth to earth, ashes to ashes, dust to dust"—the grains of diamantine dust thrown in, the Duke and the Prince, members of old soldiers advance in groups to the edge of the pit and linger there a little; the "Dead March" sounds, at first fairly, from the great organ, and the multitudes of people melt away.

Doubt is faith in the main, but faith, on the whole, is doubt.
You will never regret having sacrificed a pleasure to fulfil a duty.
